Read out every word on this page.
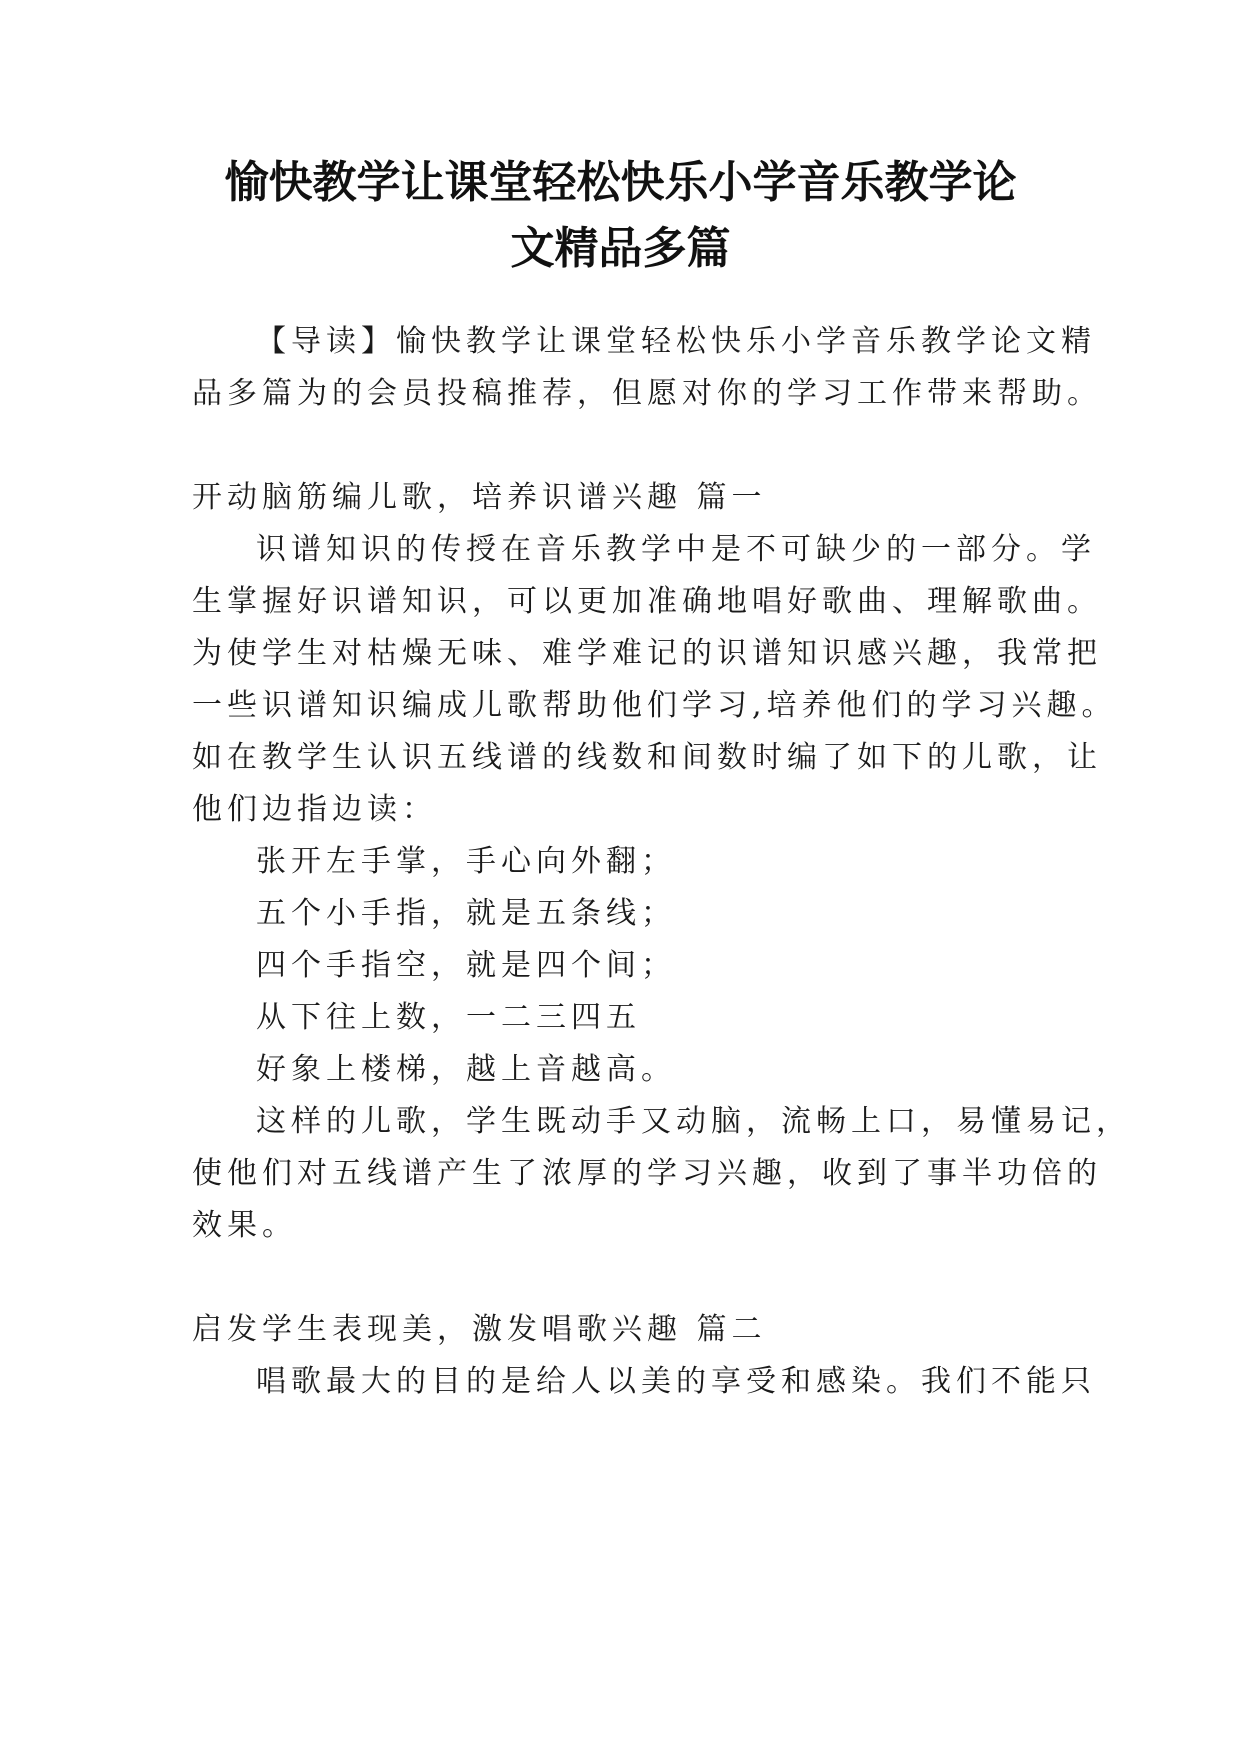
愉快教学让课堂轻松快乐小学音乐教学论
文精品多篇

【导读】愉快教学让课堂轻松快乐小学音乐教学论文精

品多篇为的会员投稿推荐，但愿对你的学习工作带来帮助。

开动脑筋编儿歌，培养识谱兴趣 篇一

识谱知识的传授在音乐教学中是不可缺少的一部分。学

生掌握好识谱知识，可以更加准确地唱好歌曲、理解歌曲。

为使学生对枯燥无味、难学难记的识谱知识感兴趣，我常把

一些识谱知识编成儿歌帮助他们学习,培养他们的学习兴趣。

如在教学生认识五线谱的线数和间数时编了如下的儿歌，让

他们边指边读：

张开左手掌，手心向外翻；

五个小手指，就是五条线；

四个手指空，就是四个间；

从下往上数，一二三四五

好象上楼梯，越上音越高。

这样的儿歌，学生既动手又动脑，流畅上口，易懂易记，

使他们对五线谱产生了浓厚的学习兴趣，收到了事半功倍的

效果。

启发学生表现美，激发唱歌兴趣 篇二

唱歌最大的目的是给人以美的享受和感染。我们不能只
